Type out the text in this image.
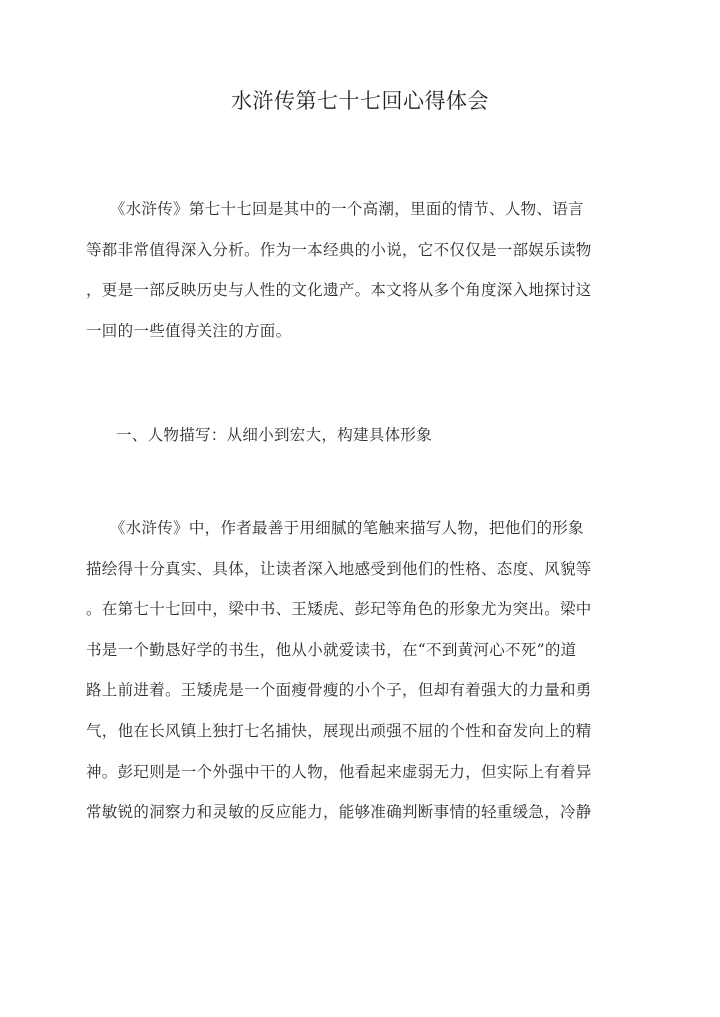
水浒传第七十七回心得体会
　　《水浒传》第七十七回是其中的一个高潮，里面的情节、人物、语言
等都非常值得深入分析。作为一本经典的小说，它不仅仅是一部娱乐读物
，更是一部反映历史与人性的文化遗产。本文将从多个角度深入地探讨这
一回的一些值得关注的方面。
一、人物描写：从细小到宏大，构建具体形象
　　《水浒传》中，作者最善于用细腻的笔触来描写人物，把他们的形象
描绘得十分真实、具体，让读者深入地感受到他们的性格、态度、风貌等
。在第七十七回中，梁中书、王矮虎、彭玘等角色的形象尤为突出。梁中
书是一个勤恳好学的书生，他从小就爱读书，在“不到黄河心不死”的道
路上前进着。王矮虎是一个面瘦骨瘦的小个子，但却有着强大的力量和勇
气，他在长风镇上独打七名捕快，展现出顽强不屈的个性和奋发向上的精
神。彭玘则是一个外强中干的人物，他看起来虚弱无力，但实际上有着异
常敏锐的洞察力和灵敏的反应能力，能够准确判断事情的轻重缓急，冷静
